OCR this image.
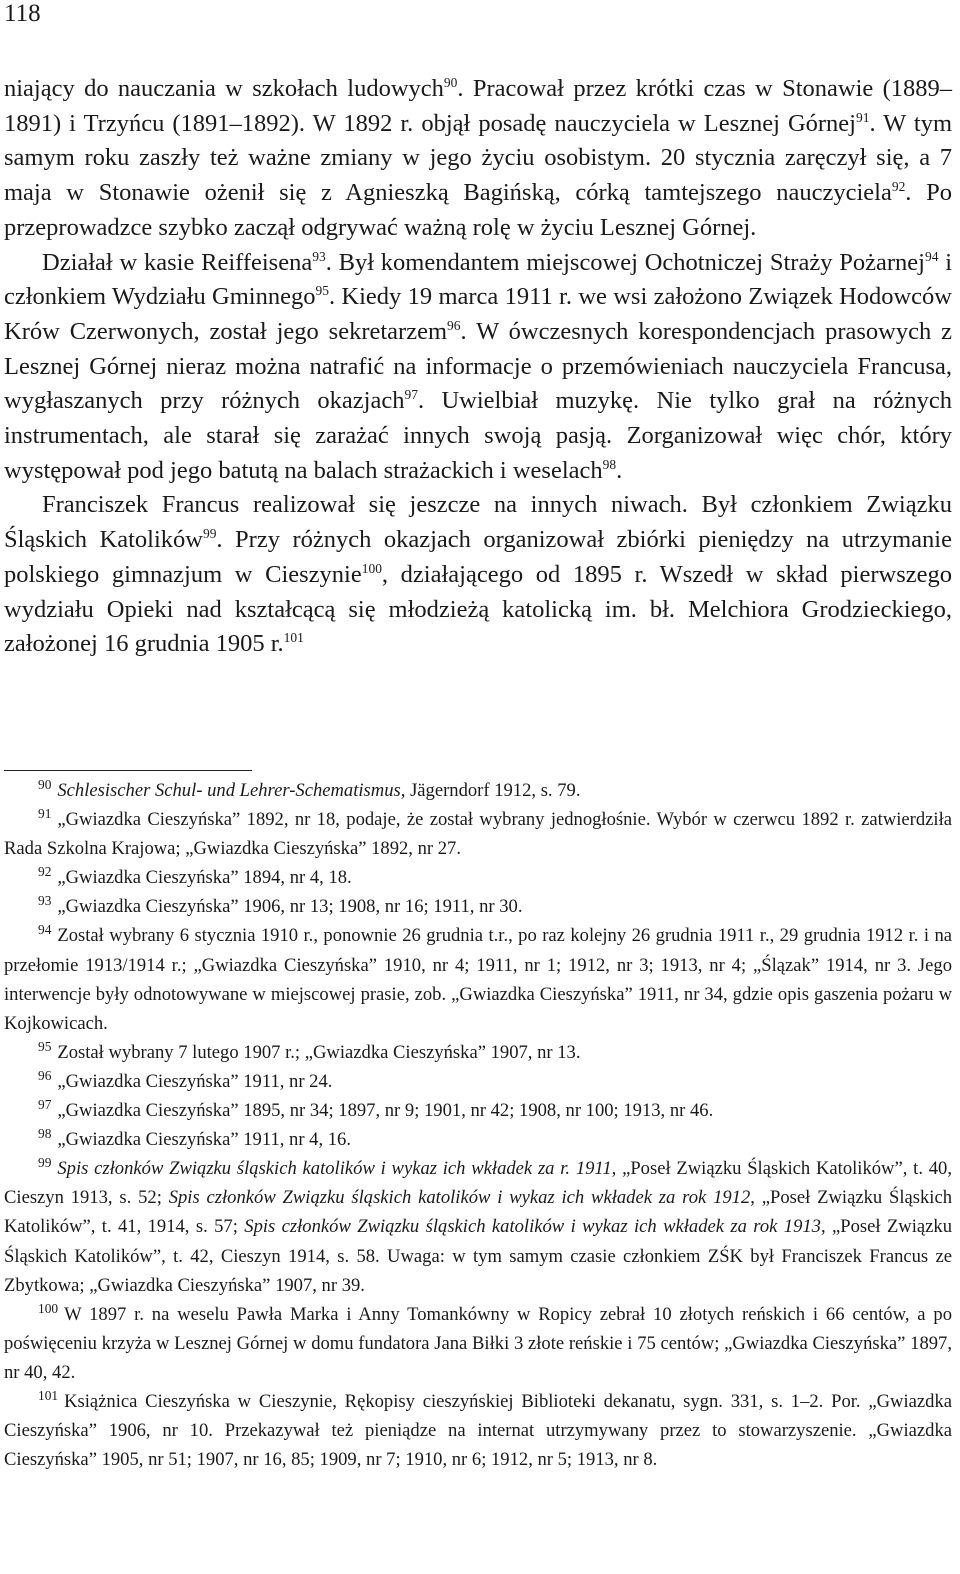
118

niający do nauczania w szkołach ludowych$^{90}$. Pracował przez krótki czas w Stonawie (1889–1891) i Trzyńcu (1891–1892). W 1892 r. objął posadę nauczyciela w Lesznej Górnej$^{91}$. W tym samym roku zaszły też ważne zmiany w jego życiu osobistym. 20 stycznia zaręczył się, a 7 maja w Stonawie ożenił się z Agnieszką Bagińską, córką tamtejszego nauczyciela$^{92}$. Po przeprowadzce szybko zaczął odgrywać ważną rolę w życiu Lesznej Górnej.

Działał w kasie Reiffeisena$^{93}$. Był komendantem miejscowej Ochotniczej Straży Pożarnej$^{94}$ i członkiem Wydziału Gminnego$^{95}$. Kiedy 19 marca 1911 r. we wsi założono Związek Hodowców Krów Czerwonych, został jego sekretarzem$^{96}$. W ówczesnych korespondencjach prasowych z Lesznej Górnej nieraz można natrafić na informacje o przemówieniach nauczyciela Francusa, wygłaszanych przy różnych okazjach$^{97}$. Uwielbiał muzykę. Nie tylko grał na różnych instrumentach, ale starał się zarażać innych swoją pasją. Zorganizował więc chór, który występował pod jego batutą na balach strażackich i weselach$^{98}$.

Franciszek Francus realizował się jeszcze na innych niwach. Był członkiem Związku Śląskich Katolików$^{99}$. Przy różnych okazjach organizował zbiórki pieniędzy na utrzymanie polskiego gimnazjum w Cieszynie$^{100}$, działającego od 1895 r. Wszedł w skład pierwszego wydziału Opieki nad kształcącą się młodzieżą katolicką im. bł. Melchiora Grodzieckiego, założonej 16 grudnia 1905 r.$^{101}$

$^{90}$ Schlesischer Schul- und Lehrer-Schematismus, Jägerndorf 1912, s. 79.

$^{91}$ „Gwiazdka Cieszyńska” 1892, nr 18, podaje, że został wybrany jednogłośnie. Wybór w czerwcu 1892 r. zatwierdziła Rada Szkolna Krajowa; „Gwiazdka Cieszyńska” 1892, nr 27.

$^{92}$ „Gwiazdka Cieszyńska” 1894, nr 4, 18.

$^{93}$ „Gwiazdka Cieszyńska” 1906, nr 13; 1908, nr 16; 1911, nr 30.

$^{94}$ Został wybrany 6 stycznia 1910 r., ponownie 26 grudnia t.r., po raz kolejny 26 grudnia 1911 r., 29 grudnia 1912 r. i na przełomie 1913/1914 r.; „Gwiazdka Cieszyńska” 1910, nr 4; 1911, nr 1; 1912, nr 3; 1913, nr 4; „Ślązak” 1914, nr 3. Jego interwencje były odnotowywane w miejscowej prasie, zob. „Gwiazdka Cieszyńska” 1911, nr 34, gdzie opis gaszenia pożaru w Kojkowicach.

$^{95}$ Został wybrany 7 lutego 1907 r.; „Gwiazdka Cieszyńska” 1907, nr 13.

$^{96}$ „Gwiazdka Cieszyńska” 1911, nr 24.

$^{97}$ „Gwiazdka Cieszyńska” 1895, nr 34; 1897, nr 9; 1901, nr 42; 1908, nr 100; 1913, nr 46.

$^{98}$ „Gwiazdka Cieszyńska” 1911, nr 4, 16.

$^{99}$ Spis członków Związku śląskich katolików i wykaz ich wkładek za r. 1911, „Poseł Związku Śląskich Katolików”, t. 40, Cieszyn 1913, s. 52; Spis członków Związku śląskich katolików i wykaz ich wkładek za rok 1912, „Poseł Związku Śląskich Katolików”, t. 41, 1914, s. 57; Spis członków Związku śląskich katolików i wykaz ich wkładek za rok 1913, „Poseł Związku Śląskich Katolików”, t. 42, Cieszyn 1914, s. 58. Uwaga: w tym samym czasie członkiem ZŚK był Franciszek Francus ze Zbytkowa; „Gwiazdka Cieszyńska” 1907, nr 39.

$^{100}$ W 1897 r. na weselu Pawła Marka i Anny Tomankówny w Ropicy zebrał 10 złotych reńskich i 66 centów, a po poświęceniu krzyża w Lesznej Górnej w domu fundatora Jana Biłki 3 złote reńskie i 75 centów; „Gwiazdka Cieszyńska” 1897, nr 40, 42.

$^{101}$ Książnica Cieszyńska w Cieszynie, Rękopisy cieszyńskiej Biblioteki dekanatu, sygn. 331, s. 1–2. Por. „Gwiazdka Cieszyńska” 1906, nr 10. Przekazywał też pieniądze na internat utrzymywany przez to stowarzyszenie. „Gwiazdka Cieszyńska” 1905, nr 51; 1907, nr 16, 85; 1909, nr 7; 1910, nr 6; 1912, nr 5; 1913, nr 8.
